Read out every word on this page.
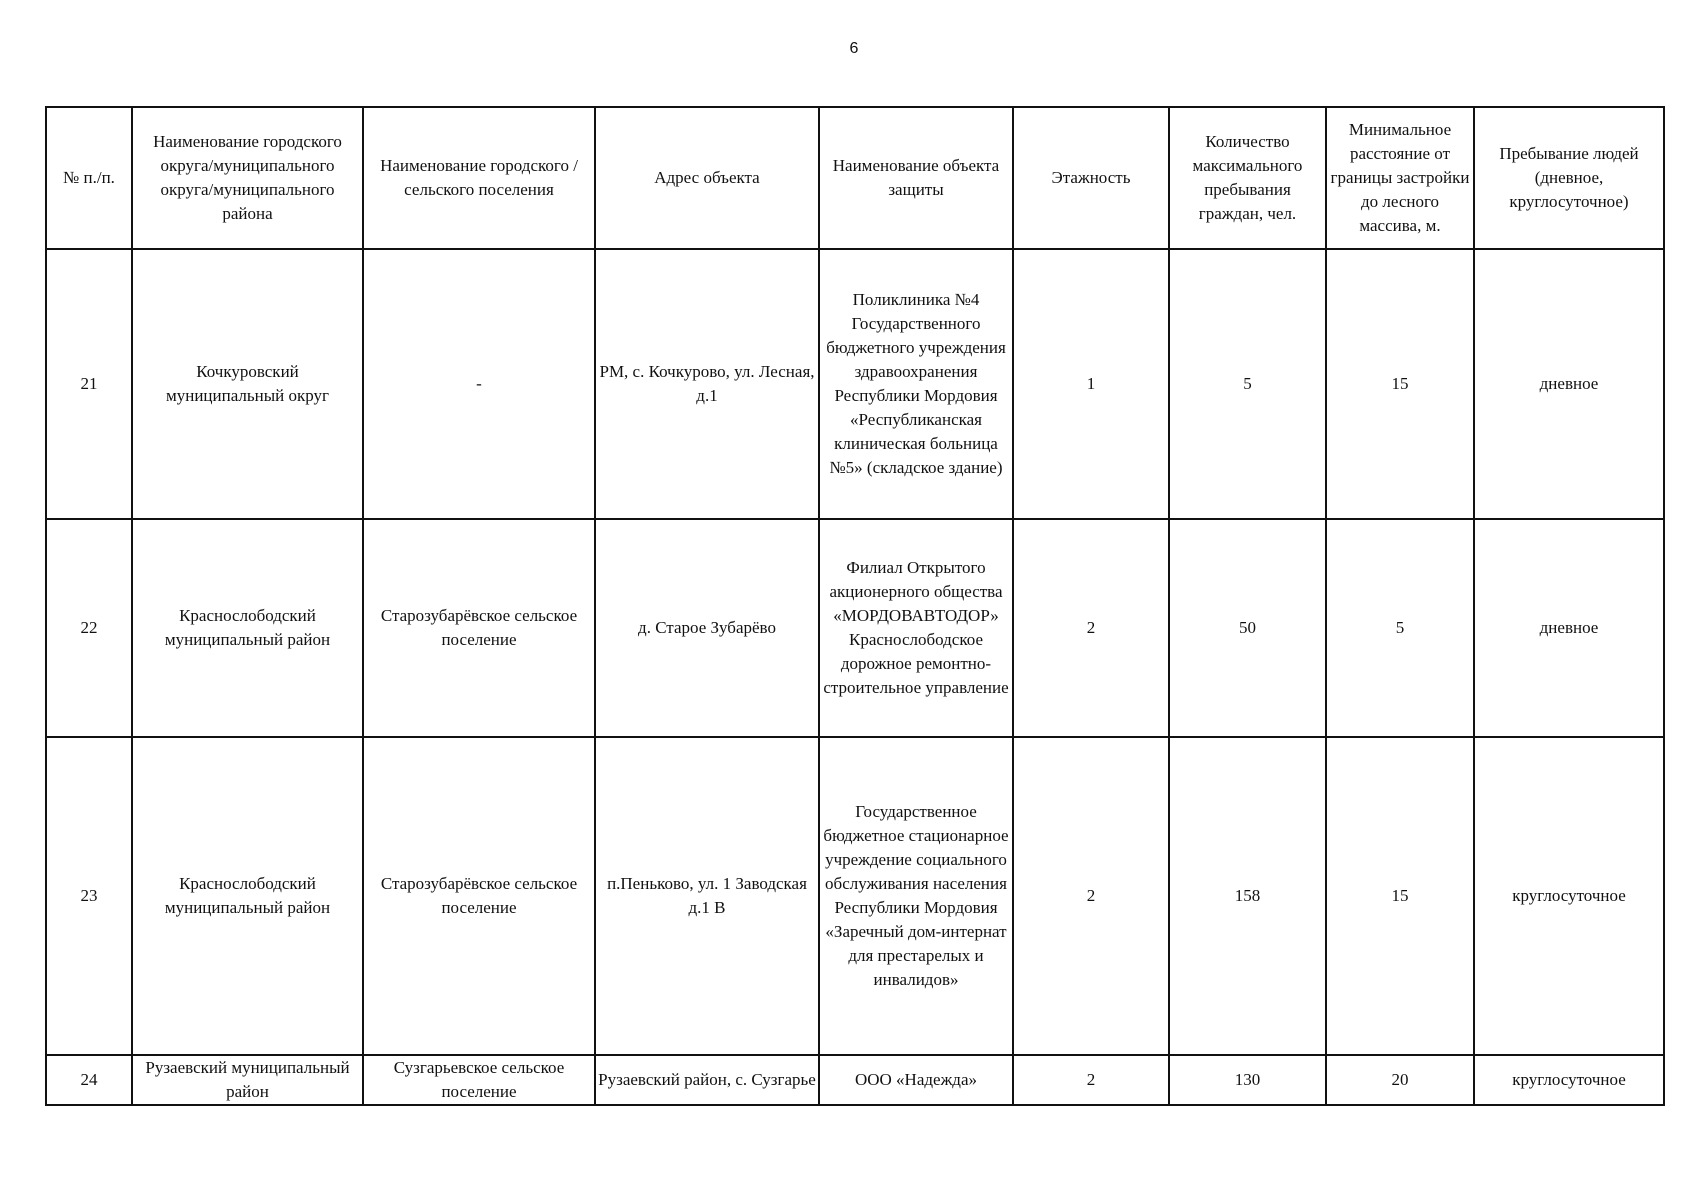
6
№ п./п.	Наименование городского округа/муниципального округа/муниципального района	Наименование городского / сельского поселения	Адрес объекта	Наименование объекта защиты	Этажность	Количество максимального пребывания граждан, чел.	Минимальное расстояние от границы застройки до лесного массива, м.	Пребывание людей (дневное, круглосуточное)
21	Кочкуровский муниципальный округ	-	РМ, с. Кочкурово, ул. Лесная, д.1	Поликлиника №4 Государственного бюджетного учреждения здравоохранения Республики Мордовия «Республиканская клиническая больница №5» (складское здание)	1	5	15	дневное
22	Краснослободский муниципальный район	Старозубарёвское сельское поселение	д. Старое Зубарёво	Филиал Открытого акционерного общества «МОРДОВАВТОДОР» Краснослободское дорожное ремонтно-строительное управление	2	50	5	дневное
23	Краснослободский муниципальный район	Старозубарёвское сельское поселение	п.Пеньково, ул. 1 Заводская д.1 В	Государственное бюджетное стационарное учреждение социального обслуживания населения Республики Мордовия «Заречный дом-интернат для престарелых и инвалидов»	2	158	15	круглосуточное
24	Рузаевский муниципальный район	Сузгарьевское сельское поселение	Рузаевский район, с. Сузгарье	ООО «Надежда»	2	130	20	круглосуточное
